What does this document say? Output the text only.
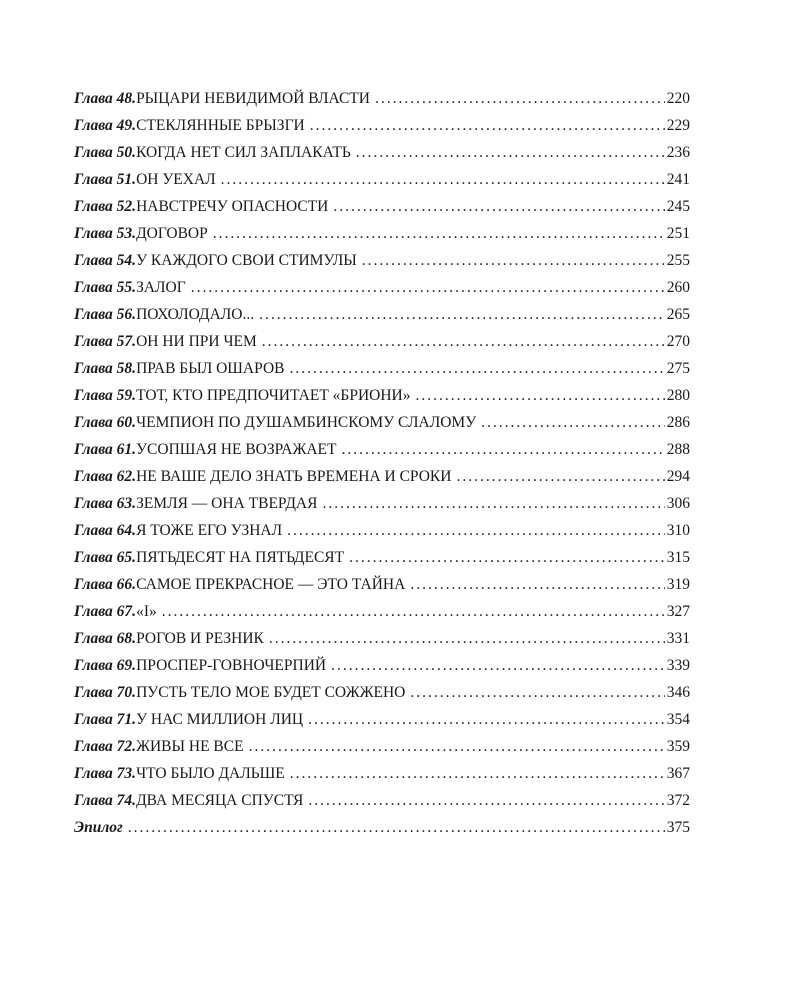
Глава 48. РЫЦАРИ НЕВИДИМОЙ ВЛАСТИ .....	220
Глава 49. СТЕКЛЯННЫЕ БРЫЗГИ .....	229
Глава 50. КОГДА НЕТ СИЛ ЗАПЛАКАТЬ .....	236
Глава 51. ОН УЕХАЛ .....	241
Глава 52. НАВСТРЕЧУ ОПАСНОСТИ .....	245
Глава 53. ДОГОВОР .....	251
Глава 54. У КАЖДОГО СВОИ СТИМУЛЫ .....	255
Глава 55. ЗАЛОГ .....	260
Глава 56. ПОХОЛОДАЛО... .....	265
Глава 57. ОН НИ ПРИ ЧЕМ .....	270
Глава 58. ПРАВ БЫЛ ОШАРОВ .....	275
Глава 59. ТОТ, КТО ПРЕДПОЧИТАЕТ «БРИОНИ» .....	280
Глава 60. ЧЕМПИОН ПО ДУШАМБИНСКОМУ СЛАЛОМУ .....	286
Глава 61. УСОПШАЯ НЕ ВОЗРАЖАЕТ .....	288
Глава 62. НЕ ВАШЕ ДЕЛО ЗНАТЬ ВРЕМЕНА И СРОКИ .....	294
Глава 63. ЗЕМЛЯ — ОНА ТВЕРДАЯ .....	306
Глава 64. Я ТОЖЕ ЕГО УЗНАЛ .....	310
Глава 65. ПЯТЬДЕСЯТ НА ПЯТЬДЕСЯТ .....	315
Глава 66. САМОЕ ПРЕКРАСНОЕ — ЭТО ТАЙНА .....	319
Глава 67. «I» .....	327
Глава 68. РОГОВ И РЕЗНИК .....	331
Глава 69. ПРОСПЕР-ГОВНОЧЕРПИЙ .....	339
Глава 70. ПУСТЬ ТЕЛО МОЕ БУДЕТ СОЖЖЕНО .....	346
Глава 71. У НАС МИЛЛИОН ЛИЦ .....	354
Глава 72. ЖИВЫ НЕ ВСЕ .....	359
Глава 73. ЧТО БЫЛО ДАЛЬШЕ .....	367
Глава 74. ДВА МЕСЯЦА СПУСТЯ .....	372
Эпилог .....	375
